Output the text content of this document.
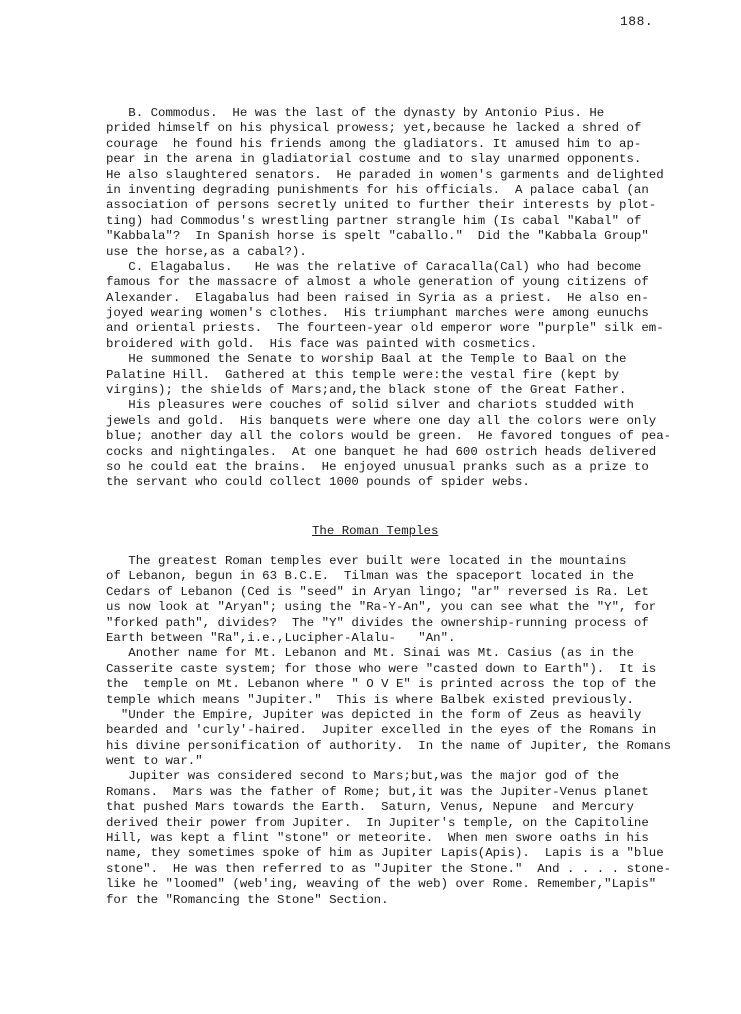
188.
B. Commodus.  He was the last of the dynasty by Antonio Pius. He
prided himself on his physical prowess; yet,because he lacked a shred of
courage  he found his friends among the gladiators. It amused him to ap-
pear in the arena in gladiatorial costume and to slay unarmed opponents.
He also slaughtered senators.  He paraded in women's garments and delighted
in inventing degrading punishments for his officials.  A palace cabal (an
association of persons secretly united to further their interests by plot-
ting) had Commodus's wrestling partner strangle him (Is cabal "Kabal" of
"Kabbala"?  In Spanish horse is spelt "caballo."  Did the "Kabbala Group"
use the horse,as a cabal?).
C. Elagabalus.   He was the relative of Caracalla(Cal) who had become
famous for the massacre of almost a whole generation of young citizens of
Alexander.  Elagabalus had been raised in Syria as a priest.  He also en-
joyed wearing women's clothes.  His triumphant marches were among eunuchs
and oriental priests.  The fourteen-year old emperor wore "purple" silk em-
broidered with gold.  His face was painted with cosmetics.
He summoned the Senate to worship Baal at the Temple to Baal on the
Palatine Hill.  Gathered at this temple were:the vestal fire (kept by
virgins); the shields of Mars;and,the black stone of the Great Father.
His pleasures were couches of solid silver and chariots studded with
jewels and gold.  His banquets were where one day all the colors were only
blue; another day all the colors would be green.  He favored tongues of pea-
cocks and nightingales.  At one banquet he had 600 ostrich heads delivered
so he could eat the brains.  He enjoyed unusual pranks such as a prize to
the servant who could collect 1000 pounds of spider webs.
The Roman Temples
The greatest Roman temples ever built were located in the mountains
of Lebanon, begun in 63 B.C.E.  Tilman was the spaceport located in the
Cedars of Lebanon (Ced is "seed" in Aryan lingo; "ar" reversed is Ra. Let
us now look at "Aryan"; using the "Ra-Y-An", you can see what the "Y", for
"forked path", divides?  The "Y" divides the ownership-running process of
Earth between "Ra",i.e.,Lucipher-Alalu-   "An".
Another name for Mt. Lebanon and Mt. Sinai was Mt. Casius (as in the
Casserite caste system; for those who were "casted down to Earth").  It is
the  temple on Mt. Lebanon where " O V E" is printed across the top of the
temple which means "Jupiter."  This is where Balbek existed previously.
"Under the Empire, Jupiter was depicted in the form of Zeus as heavily
bearded and 'curly'-haired.  Jupiter excelled in the eyes of the Romans in
his divine personification of authority.  In the name of Jupiter, the Romans
went to war."
Jupiter was considered second to Mars;but,was the major god of the
Romans.  Mars was the father of Rome; but,it was the Jupiter-Venus planet
that pushed Mars towards the Earth.  Saturn, Venus, Nepune  and Mercury
derived their power from Jupiter.  In Jupiter's temple, on the Capitoline
Hill, was kept a flint "stone" or meteorite.  When men swore oaths in his
name, they sometimes spoke of him as Jupiter Lapis(Apis).  Lapis is a "blue
stone".  He was then referred to as "Jupiter the Stone."  And . . . . stone-
like he "loomed" (web'ing, weaving of the web) over Rome. Remember,"Lapis"
for the "Romancing the Stone" Section.
